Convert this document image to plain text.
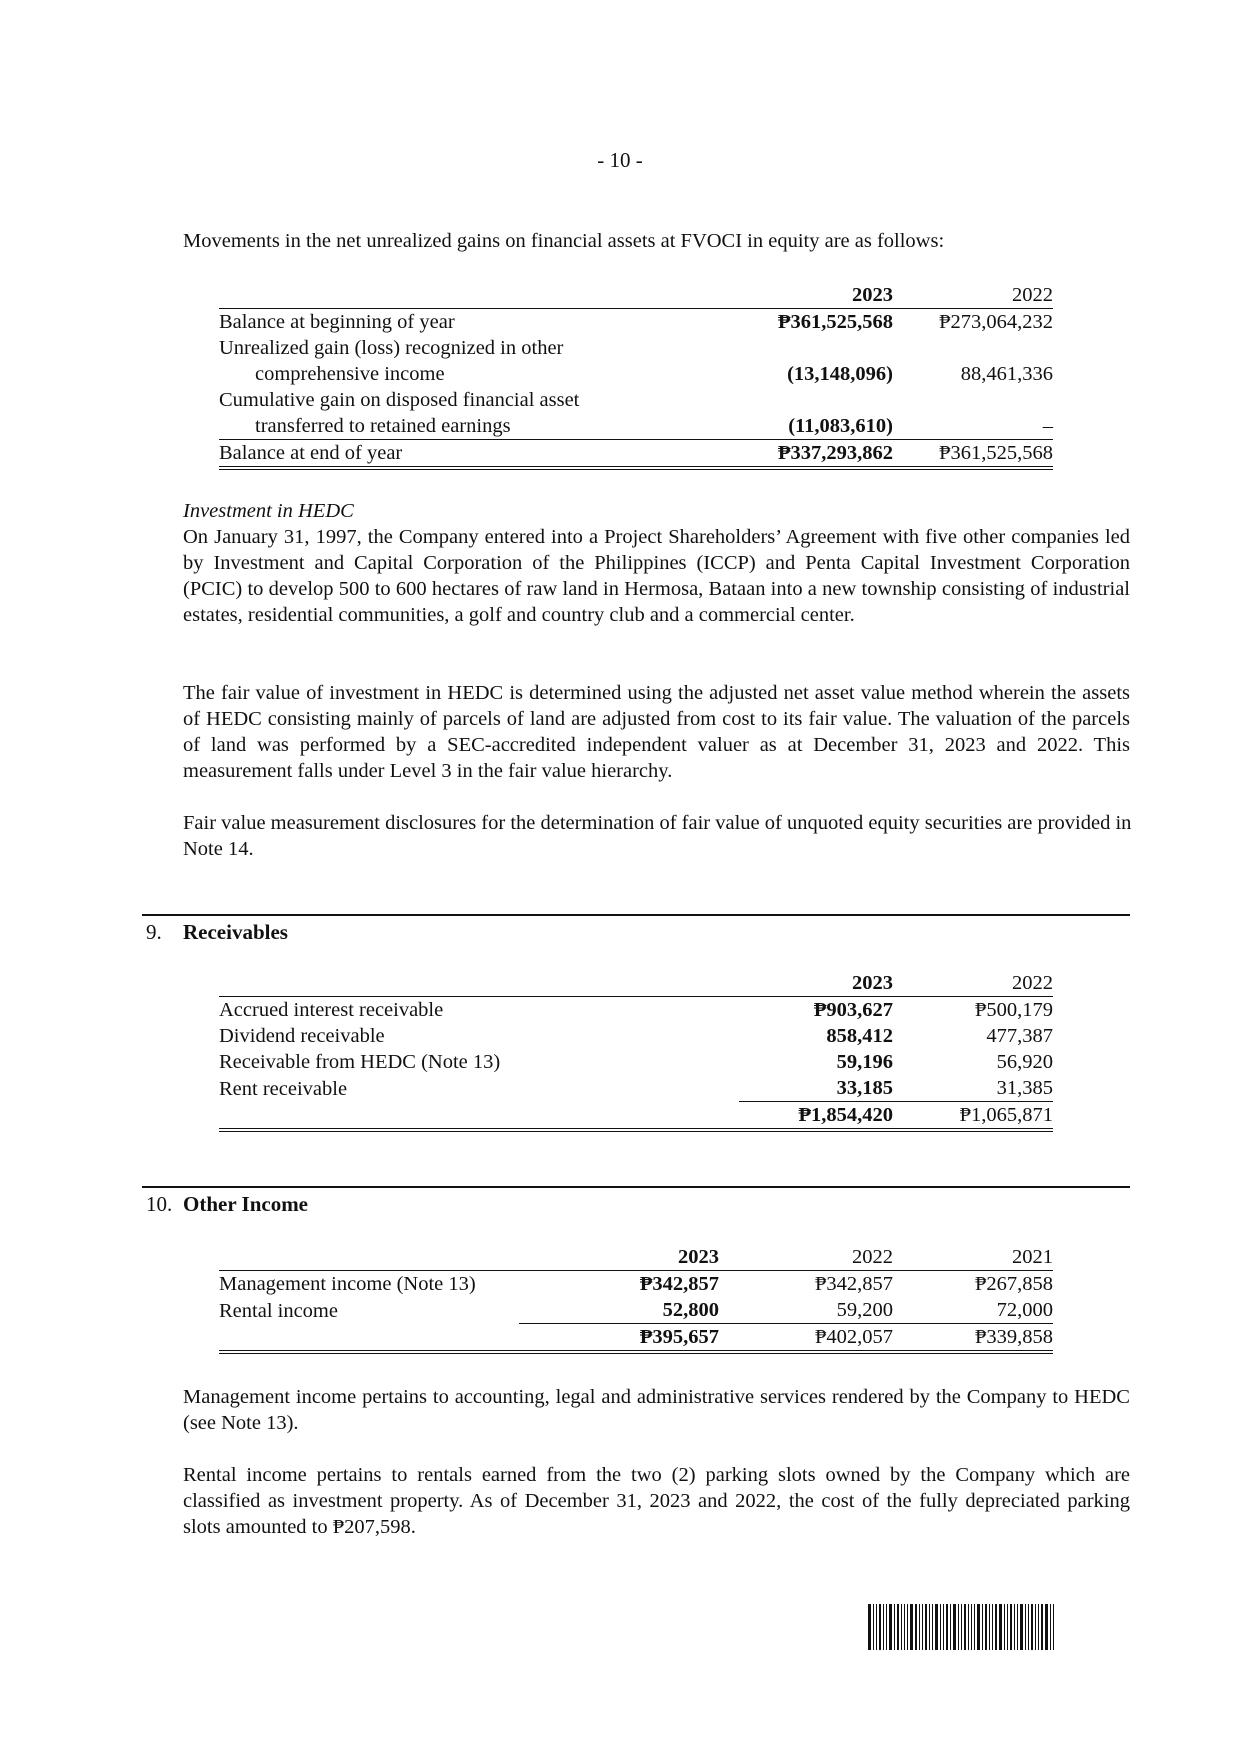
- 10 -
Movements in the net unrealized gains on financial assets at FVOCI in equity are as follows:
	2023	2022
Balance at beginning of year	₱361,525,568	₱273,064,232
Unrealized gain (loss) recognized in other		
comprehensive income	(13,148,096)	88,461,336
Cumulative gain on disposed financial asset		
transferred to retained earnings	(11,083,610)	–
Balance at end of year	₱337,293,862	₱361,525,568
Investment in HEDC
On January 31, 1997, the Company entered into a Project Shareholders’ Agreement with five other companies led by Investment and Capital Corporation of the Philippines (ICCP) and Penta Capital Investment Corporation (PCIC) to develop 500 to 600 hectares of raw land in Hermosa, Bataan into a new township consisting of industrial estates, residential communities, a golf and country club and a commercial center.
The fair value of investment in HEDC is determined using the adjusted net asset value method wherein the assets of HEDC consisting mainly of parcels of land are adjusted from cost to its fair value. The valuation of the parcels of land was performed by a SEC-accredited independent valuer as at December 31, 2023 and 2022. This measurement falls under Level 3 in the fair value hierarchy.
Fair value measurement disclosures for the determination of fair value of unquoted equity securities are provided in Note 14.
9. Receivables
	2023	2022
Accrued interest receivable	₱903,627	₱500,179
Dividend receivable	858,412	477,387
Receivable from HEDC (Note 13)	59,196	56,920
Rent receivable	33,185	31,385
	₱1,854,420	₱1,065,871
10. Other Income
	2023	2022	2021
Management income (Note 13)	₱342,857	₱342,857	₱267,858
Rental income	52,800	59,200	72,000
	₱395,657	₱402,057	₱339,858
Management income pertains to accounting, legal and administrative services rendered by the Company to HEDC (see Note 13).
Rental income pertains to rentals earned from the two (2) parking slots owned by the Company which are classified as investment property. As of December 31, 2023 and 2022, the cost of the fully depreciated parking slots amounted to ₱207,598.
